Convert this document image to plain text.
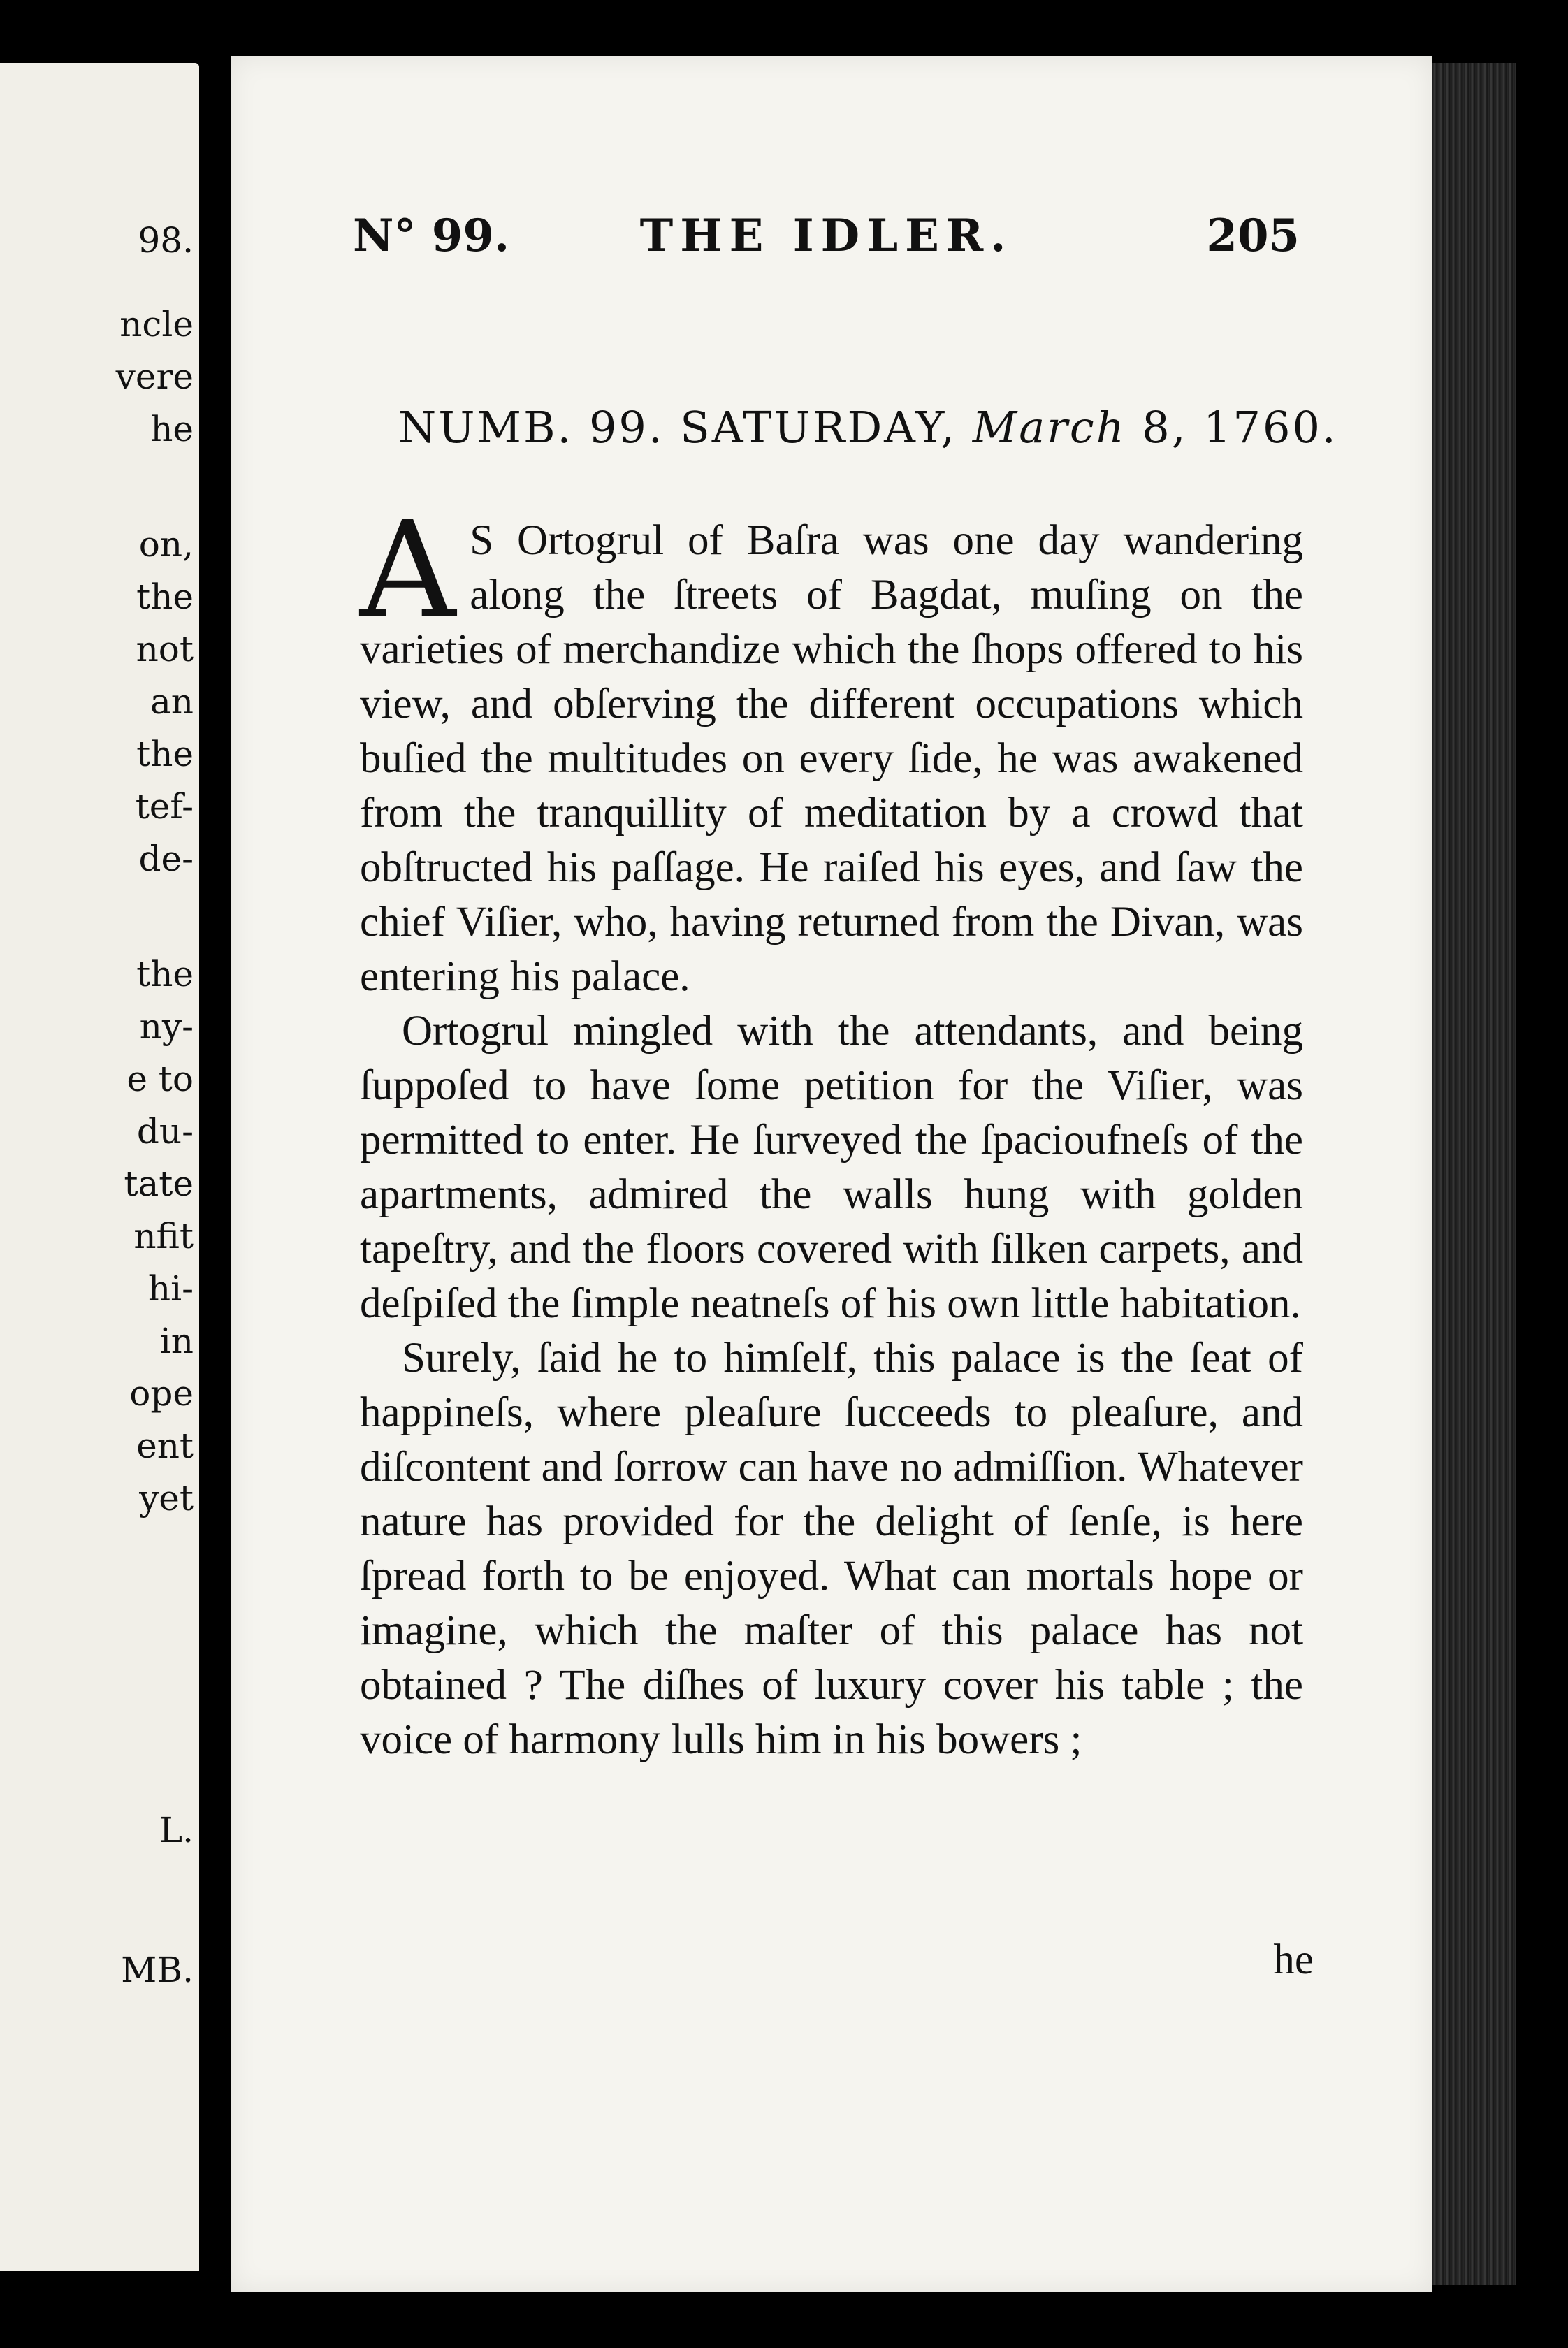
98.
ncle
vere
he
on,
the
not
an
the
tef-
de-
the
ny-
e to
du-
tate
nfit
hi-
in
ope
ent
yet
L.
MB.
N° 99.	THE IDLER.	205
NUMB. 99. SATURDAY, March 8, 1760.

A S Ortogrul of Baſra was one day wandering along the ſtreets of Bagdat, muſing on the varieties of merchandize which the ſhops offered to his view, and obſerving the different occupations which buſied the multitudes on every ſide, he was awakened from the tranquillity of meditation by a crowd that obſtructed his paſſage. He raiſed his eyes, and ſaw the chief Viſier, who, having returned from the Divan, was entering his palace.

Ortogrul mingled with the attendants, and being ſuppoſed to have ſome petition for the Viſier, was permitted to enter. He ſurveyed the ſpacioufneſs of the apartments, admired the walls hung with golden tapeſtry, and the floors covered with ſilken carpets, and deſpiſed the ſimple neatneſs of his own little habitation.

Surely, ſaid he to himſelf, this palace is the ſeat of happineſs, where pleaſure ſucceeds to pleaſure, and diſcontent and ſorrow can have no admiſſion. Whatever nature has provided for the delight of ſenſe, is here ſpread forth to be enjoyed. What can mortals hope or imagine, which the maſter of this palace has not obtained ? The diſhes of luxury cover his table ; the voice of harmony lulls him in his bowers ;

he
